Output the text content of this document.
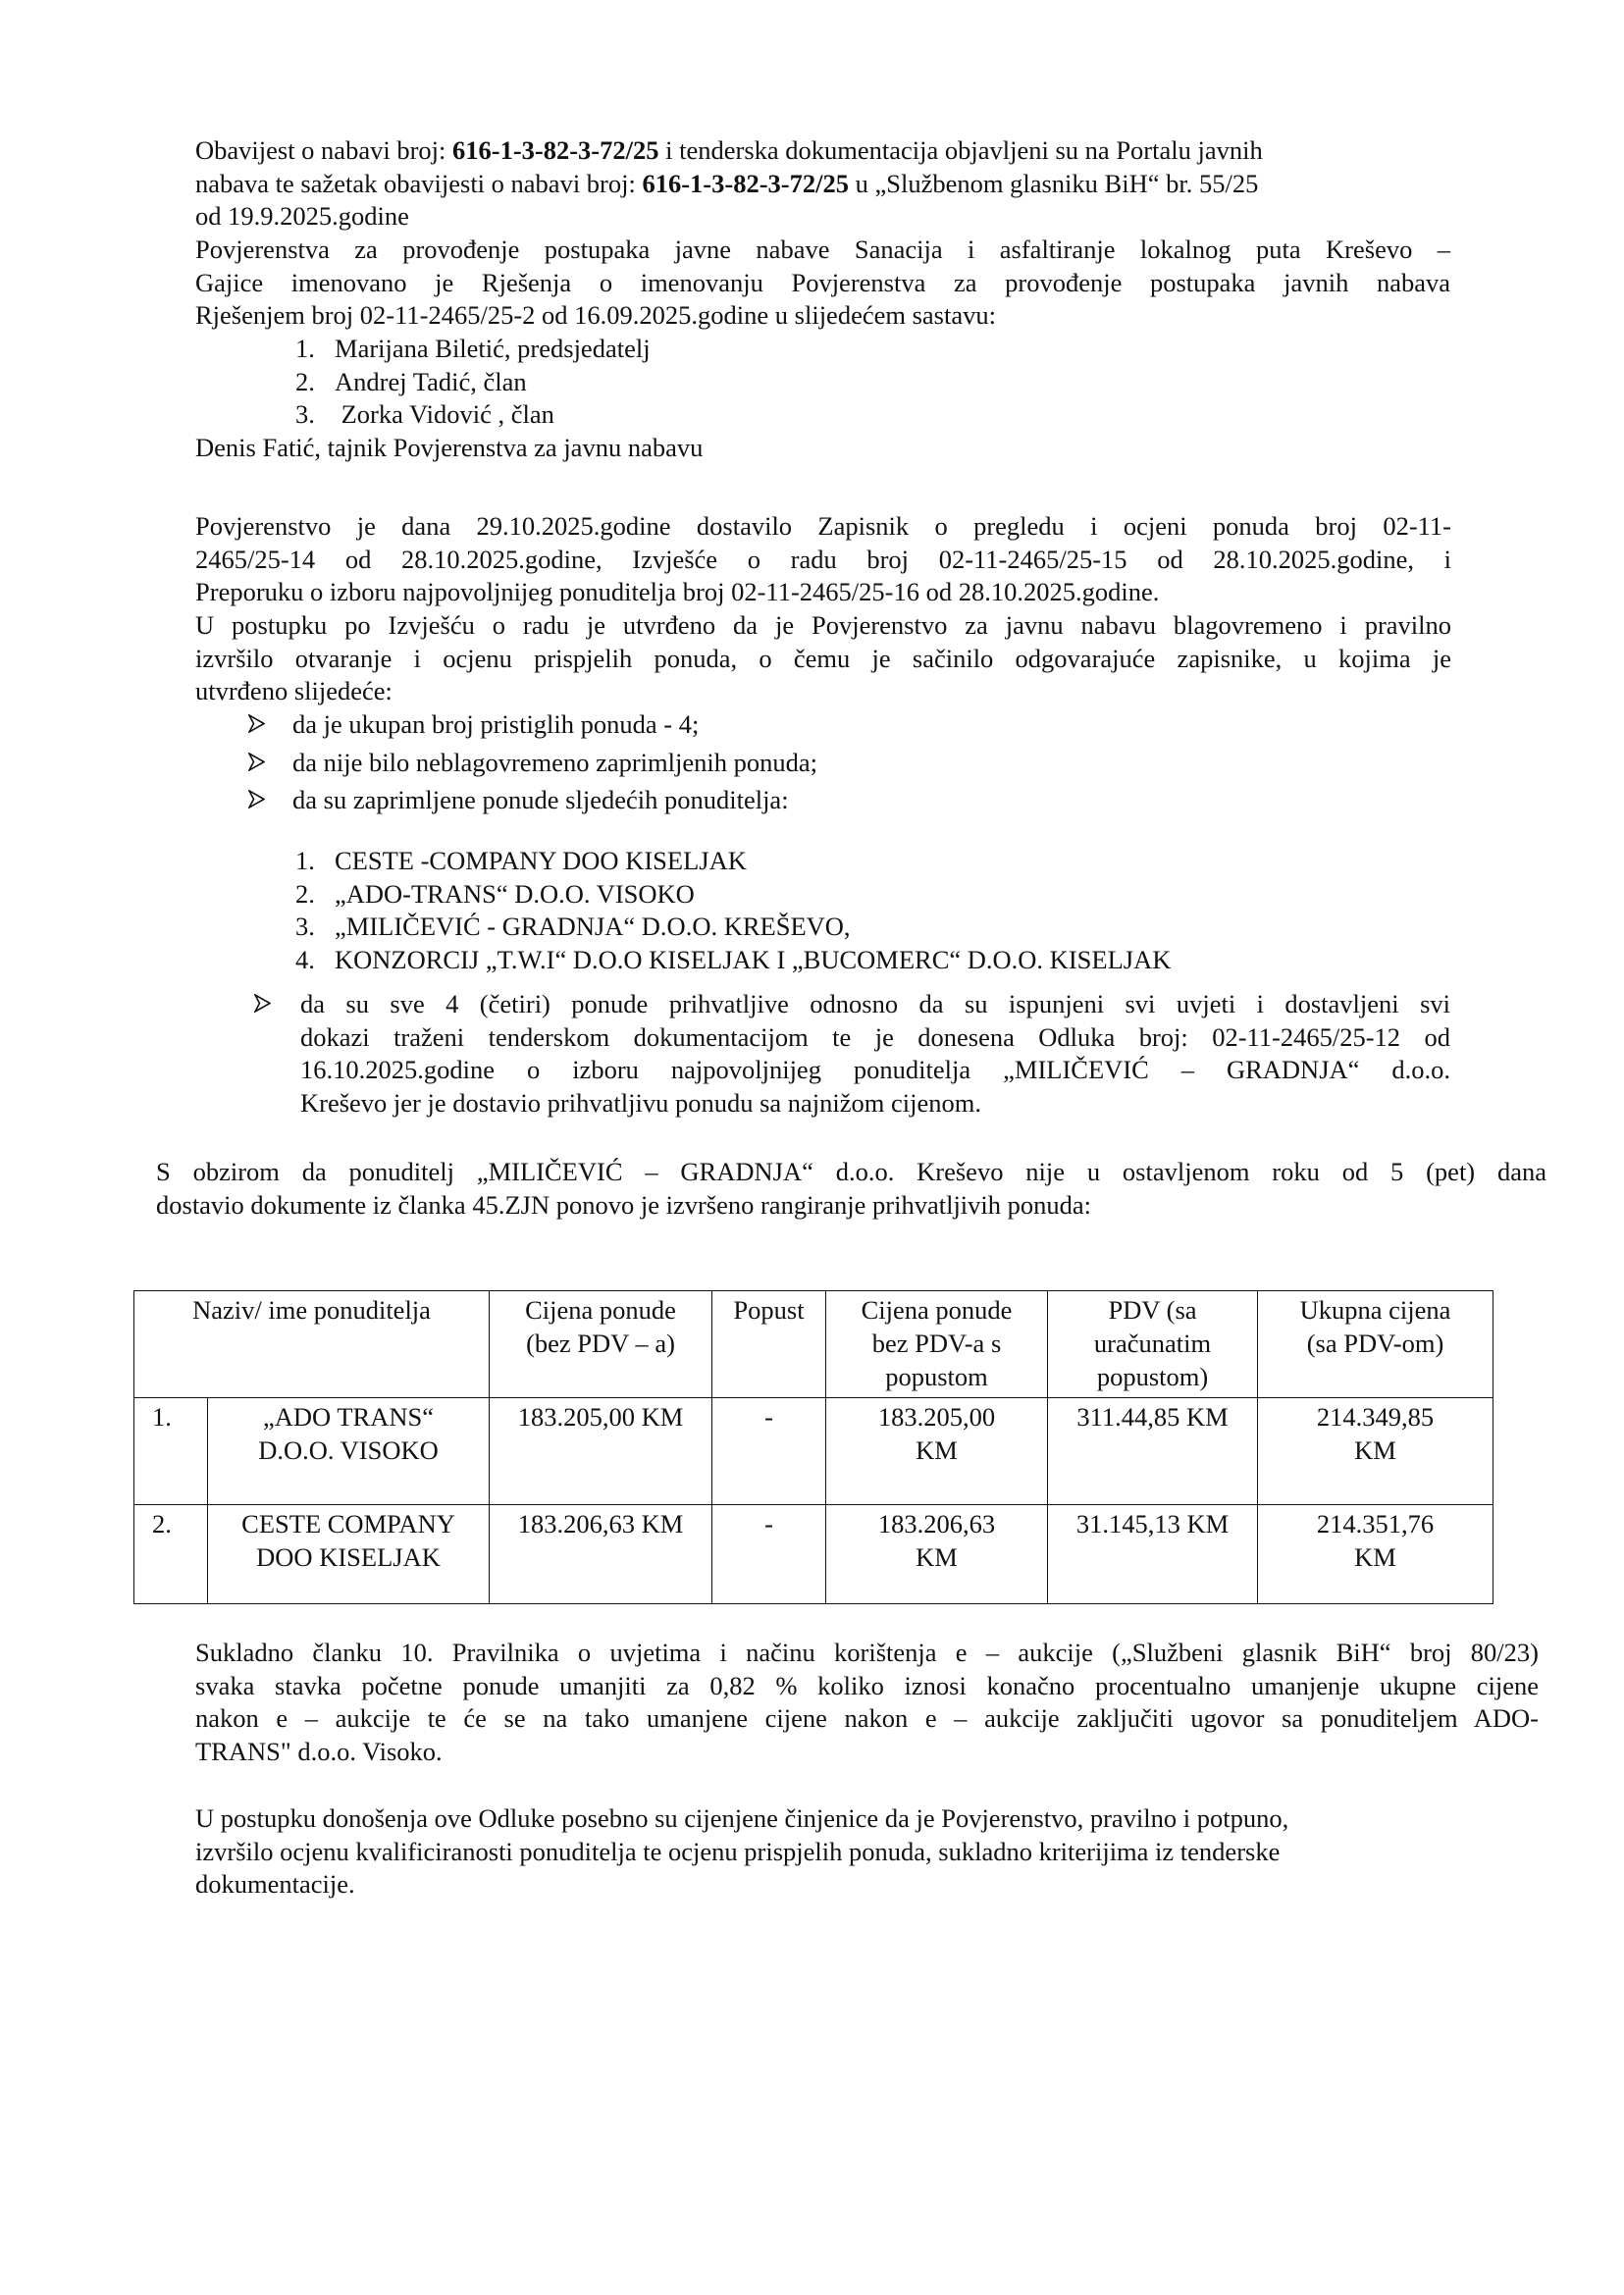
Obavijest o nabavi broj: 616-1-3-82-3-72/25 i tenderska dokumentacija objavljeni su na Portalu javnih
nabava te sažetak obavijesti o nabavi broj: 616-1-3-82-3-72/25 u „Službenom glasniku BiH“ br. 55/25
od 19.9.2025.godine
Povjerenstva za provođenje postupaka javne nabave Sanacija i asfaltiranje lokalnog puta Kreševo –
Gajice imenovano je Rješenja o imenovanju Povjerenstva za provođenje postupaka javnih nabava
Rješenjem broj 02-11-2465/25-2 od 16.09.2025.godine u slijedećem sastavu:
1. Marijana Biletić, predsjedatelj
2. Andrej Tadić, član
3. Zorka Vidović , član
Denis Fatić, tajnik Povjerenstva za javnu nabavu
Povjerenstvo je dana 29.10.2025.godine dostavilo Zapisnik o pregledu i ocjeni ponuda broj 02-11-
2465/25-14 od 28.10.2025.godine, Izvješće o radu broj 02-11-2465/25-15 od 28.10.2025.godine, i
Preporuku o izboru najpovoljnijeg ponuditelja broj 02-11-2465/25-16 od 28.10.2025.godine.
U postupku po Izvješću o radu je utvrđeno da je Povjerenstvo za javnu nabavu blagovremeno i pravilno
izvršilo otvaranje i ocjenu prispjelih ponuda, o čemu je sačinilo odgovarajuće zapisnike, u kojima je
utvrđeno slijedeće:
da je ukupan broj pristiglih ponuda - 4;
da nije bilo neblagovremeno zaprimljenih ponuda;
da su zaprimljene ponude sljedećih ponuditelja:
1. CESTE -COMPANY DOO KISELJAK
2. „ADO-TRANS“ D.O.O. VISOKO
3. „MILIČEVIĆ - GRADNJA“ D.O.O. KREŠEVO,
4. KONZORCIJ „T.W.I“ D.O.O KISELJAK I „BUCOMERC“ D.O.O. KISELJAK
da su sve 4 (četiri) ponude prihvatljive odnosno da su ispunjeni svi uvjeti i dostavljeni svi
dokazi traženi tenderskom dokumentacijom te je donesena Odluka broj: 02-11-2465/25-12 od
16.10.2025.godine o izboru najpovoljnijeg ponuditelja „MILIČEVIĆ – GRADNJA“ d.o.o.
Kreševo jer je dostavio prihvatljivu ponudu sa najnižom cijenom.
S obzirom da ponuditelj „MILIČEVIĆ – GRADNJA“ d.o.o. Kreševo nije u ostavljenom roku od 5 (pet) dana
dostavio dokumente iz članka 45.ZJN ponovo je izvršeno rangiranje prihvatljivih ponuda:
Naziv/ ime ponuditelja		Cijena ponude
(bez PDV – a)	Popust	Cijena ponude
bez PDV-a s
popustom	PDV (sa
uračunatim
popustom)	Ukupna cijena
(sa PDV-om)

1.	„ADO TRANS“
D.O.O. VISOKO	183.205,00 KM	-	183.205,00
KM	311.44,85 KM	214.349,85
KM

2.	CESTE COMPANY
DOO KISELJAK	183.206,63 KM	-	183.206,63
KM	31.145,13 KM	214.351,76
KM
Sukladno članku 10. Pravilnika o uvjetima i načinu korištenja e – aukcije („Službeni glasnik BiH“ broj 80/23)
svaka stavka početne ponude umanjiti za 0,82 % koliko iznosi konačno procentualno umanjenje ukupne cijene
nakon e – aukcije te će se na tako umanjene cijene nakon e – aukcije zaključiti ugovor sa ponuditeljem ADO-
TRANS" d.o.o. Visoko.
U postupku donošenja ove Odluke posebno su cijenjene činjenice da je Povjerenstvo, pravilno i potpuno,
izvršilo ocjenu kvalificiranosti ponuditelja te ocjenu prispjelih ponuda, sukladno kriterijima iz tenderske
dokumentacije.
